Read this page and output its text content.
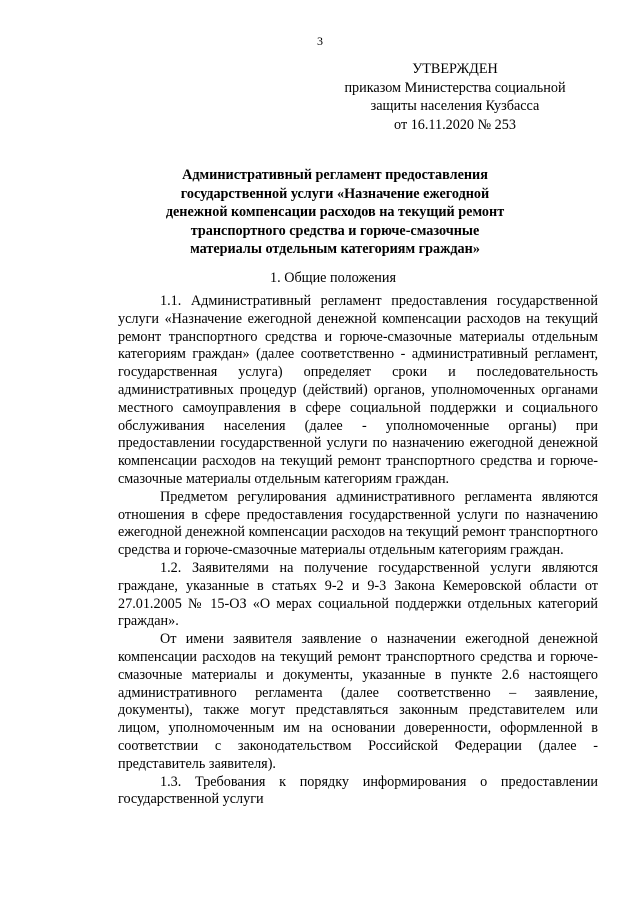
3
УТВЕРЖДЕН
приказом Министерства социальной
защиты населения Кузбасса
от 16.11.2020 № 253
Административный регламент предоставления
государственной услуги «Назначение ежегодной
денежной компенсации расходов на текущий ремонт
транспортного средства и горюче-смазочные
материалы отдельным категориям граждан»
1. Общие положения

1.1. Административный регламент предоставления государственной услуги «Назначение ежегодной денежной компенсации расходов на текущий ремонт транспортного средства и горюче-смазочные материалы отдельным категориям граждан» (далее соответственно - административный регламент, государственная услуга) определяет сроки и последовательность административных процедур (действий) органов, уполномоченных органами местного самоуправления в сфере социальной поддержки и социального обслуживания населения (далее - уполномоченные органы) при предоставлении государственной услуги по назначению ежегодной денежной компенсации расходов на текущий ремонт транспортного средства и горюче-смазочные материалы отдельным категориям граждан.

Предметом регулирования административного регламента являются отношения в сфере предоставления государственной услуги по назначению ежегодной денежной компенсации расходов на текущий ремонт транспортного средства и горюче-смазочные материалы отдельным категориям граждан.

1.2. Заявителями на получение государственной услуги являются граждане, указанные в статьях 9-2 и 9-3 Закона Кемеровской области от 27.01.2005 № 15-ОЗ «О мерах социальной поддержки отдельных категорий граждан».

От имени заявителя заявление о назначении ежегодной денежной компенсации расходов на текущий ремонт транспортного средства и горюче-смазочные материалы и документы, указанные в пункте 2.6 настоящего административного регламента (далее соответственно – заявление, документы), также могут представляться законным представителем или лицом, уполномоченным им на основании доверенности, оформленной в соответствии с законодательством Российской Федерации (далее - представитель заявителя).

1.3. Требования к порядку информирования о предоставлении государственной услуги
